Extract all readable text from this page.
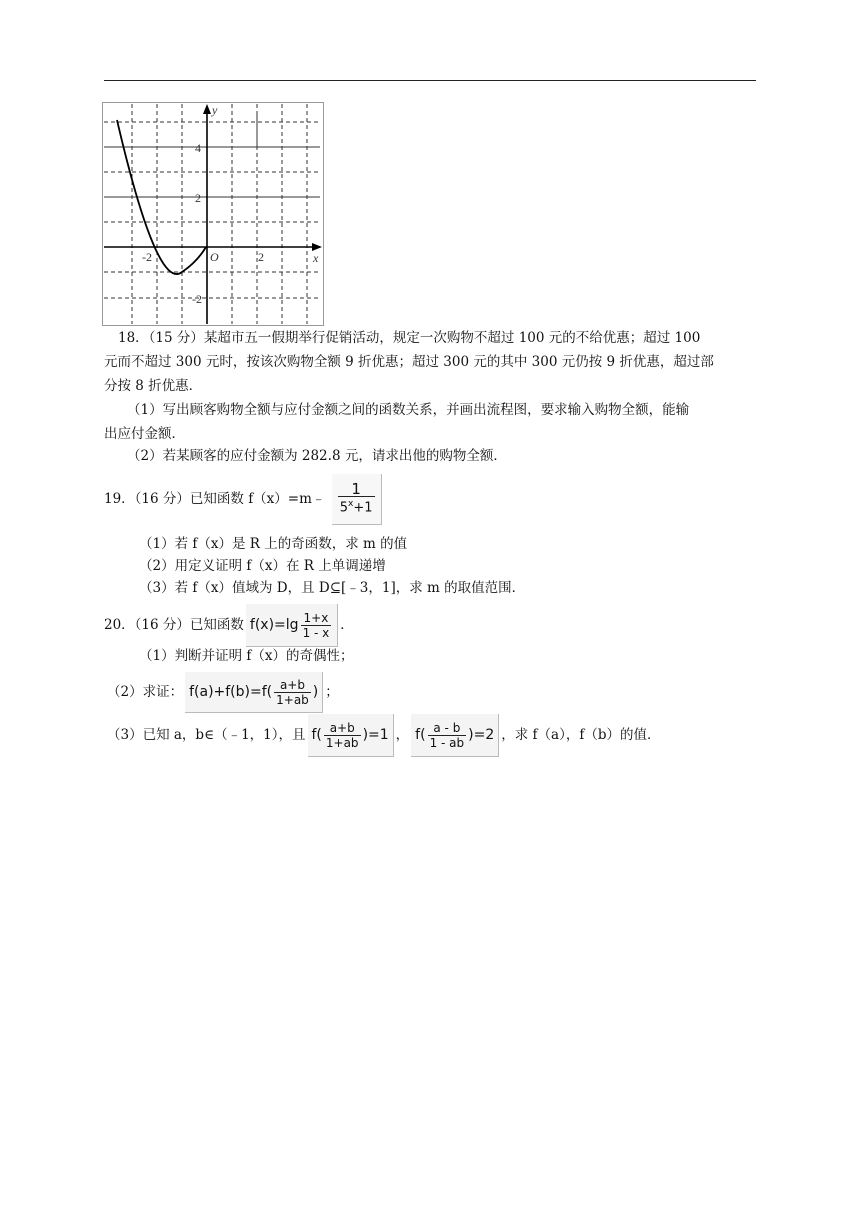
4
2
-2
-2	2
O	x
y
18．（15 分）某超市五一假期举行促销活动，规定一次购物不超过 100 元的不给优惠；超过 100
元而不超过 300 元时，按该次购物全额 9 折优惠；超过 300 元的其中 300 元仍按 9 折优惠，超过部
分按 8 折优惠．
（1）写出顾客购物全额与应付金额之间的函数关系，并画出流程图，要求输入购物全额，能输
出应付金额．
（2）若某顾客的应付金额为 282.8 元，请求出他的购物全额．
19．（16 分）已知函数 f（x）=m﹣ $\frac{1}{5^x+1}$
（1）若 f（x）是 R 上的奇函数，求 m 的值
（2）用定义证明 f（x）在 R 上单调递增
（3）若 f（x）值域为 D，且 D⊆[﹣3，1]，求 m 的取值范围．
20．（16 分）已知函数 $f(x)=\lg \frac{1+x}{1 - x}$ ．
（1）判断并证明 f（x）的奇偶性；
（2）求证： $f(a)+f(b)=f( \frac{a+b}{1+ab}$ ) ；
（3）已知 a，b∈（﹣1，1），且 $f( \frac{a+b}{1+ab} )=1$ ， $f( \frac{a - b}{1 - ab} )=2$ ，求 f（a），f（b）的值．
